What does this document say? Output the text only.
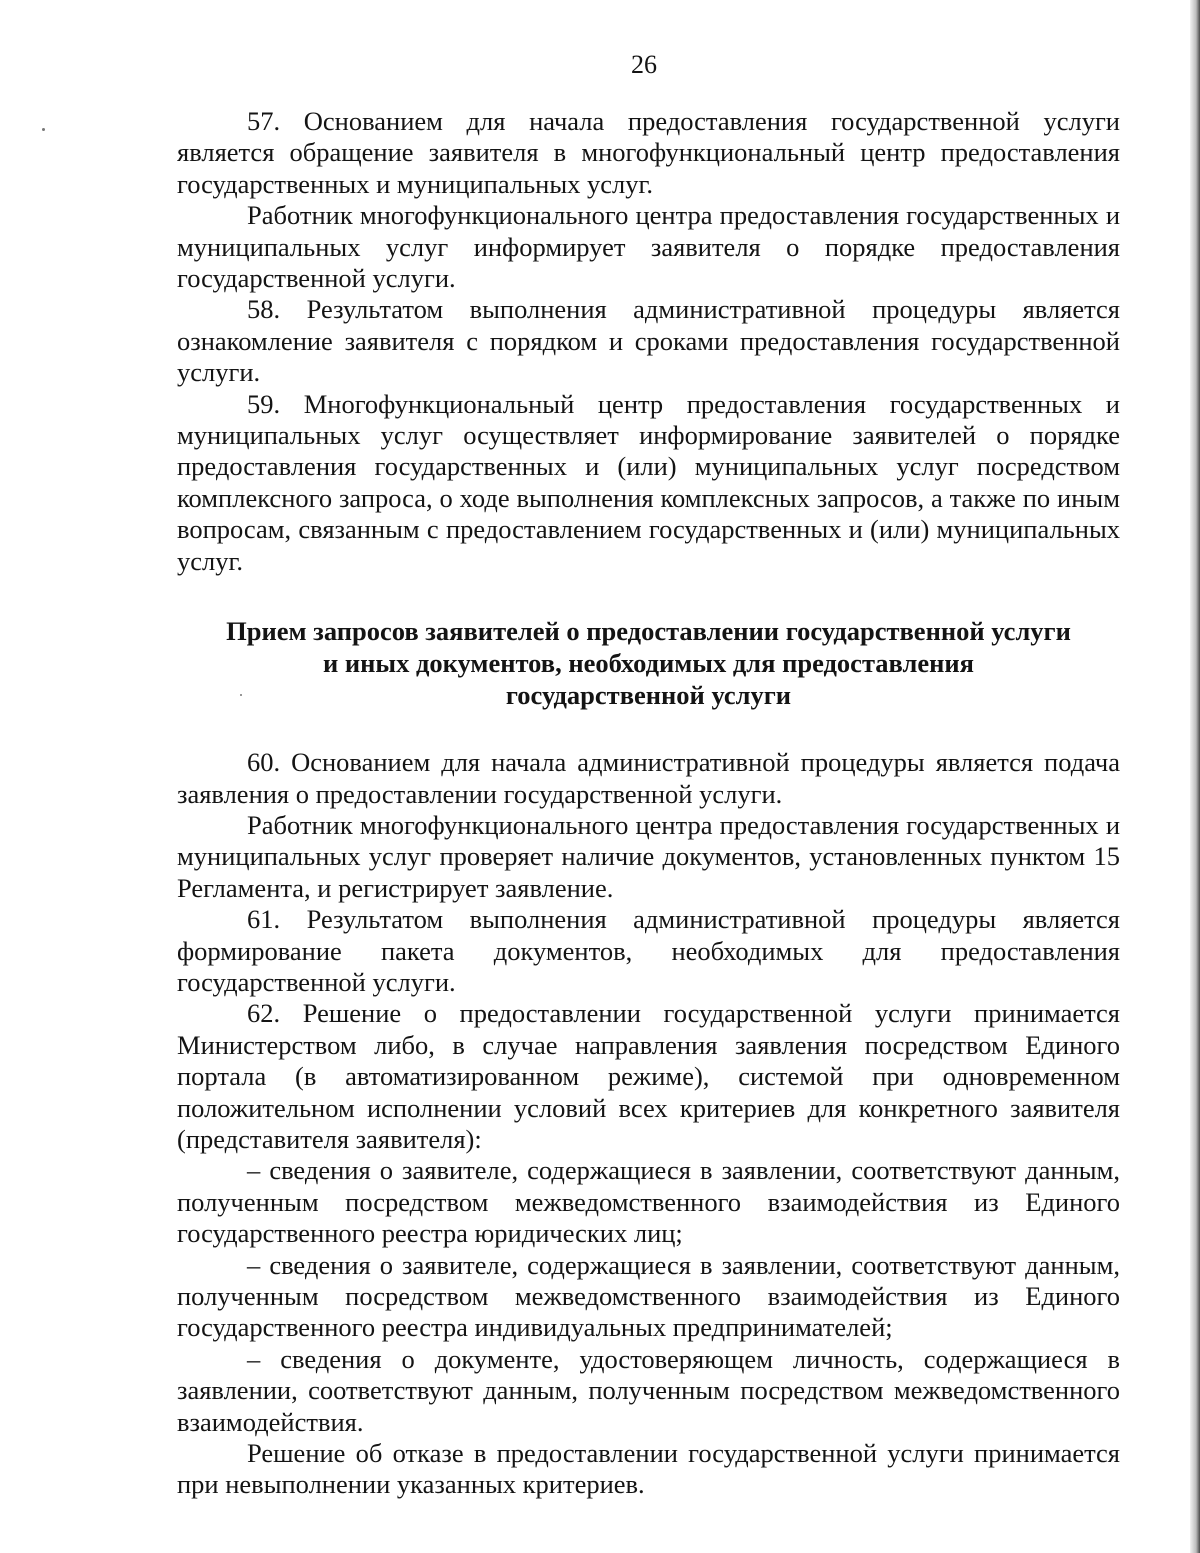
26

57. Основанием для начала предоставления государственной услуги является обращение заявителя в многофункциональный центр предоставления государственных и муниципальных услуг.

Работник многофункционального центра предоставления государственных и муниципальных услуг информирует заявителя о порядке предоставления государственной услуги.

58. Результатом выполнения административной процедуры является ознакомление заявителя с порядком и сроками предоставления государственной услуги.

59. Многофункциональный центр предоставления государственных и муниципальных услуг осуществляет информирование заявителей о порядке предоставления государственных и (или) муниципальных услуг посредством комплексного запроса, о ходе выполнения комплексных запросов, а также по иным вопросам, связанным с предоставлением государственных и (или) муниципальных услуг.

Прием запросов заявителей о предоставлении государственной услуги
и иных документов, необходимых для предоставления
государственной услуги

60. Основанием для начала административной процедуры является подача заявления о предоставлении государственной услуги.

Работник многофункционального центра предоставления государственных и муниципальных услуг проверяет наличие документов, установленных пунктом 15 Регламента, и регистрирует заявление.

61. Результатом выполнения административной процедуры является формирование пакета документов, необходимых для предоставления государственной услуги.

62. Решение о предоставлении государственной услуги принимается Министерством либо, в случае направления заявления посредством Единого портала (в автоматизированном режиме), системой при одновременном положительном исполнении условий всех критериев для конкретного заявителя (представителя заявителя):

– сведения о заявителе, содержащиеся в заявлении, соответствуют данным, полученным посредством межведомственного взаимодействия из Единого государственного реестра юридических лиц;

– сведения о заявителе, содержащиеся в заявлении, соответствуют данным, полученным посредством межведомственного взаимодействия из Единого государственного реестра индивидуальных предпринимателей;

– сведения о документе, удостоверяющем личность, содержащиеся в заявлении, соответствуют данным, полученным посредством межведомственного взаимодействия.

Решение об отказе в предоставлении государственной услуги принимается при невыполнении указанных критериев.
